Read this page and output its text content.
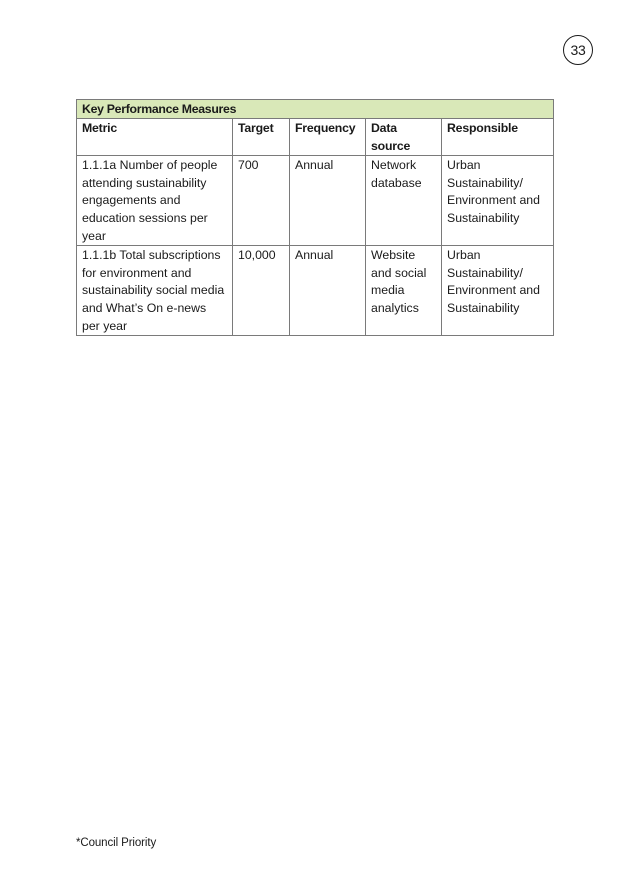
33
Key Performance Measures				
Metric	Target	Frequency	Data source	Responsible
1.1.1a Number of people attending sustainability engagements and education sessions per year	700	Annual	Network database	Urban Sustainability/ Environment and Sustainability
1.1.1b Total subscriptions for environment and sustainability social media and What’s On e-news per year	10,000	Annual	Website and social media analytics	Urban Sustainability/ Environment and Sustainability
*Council Priority
